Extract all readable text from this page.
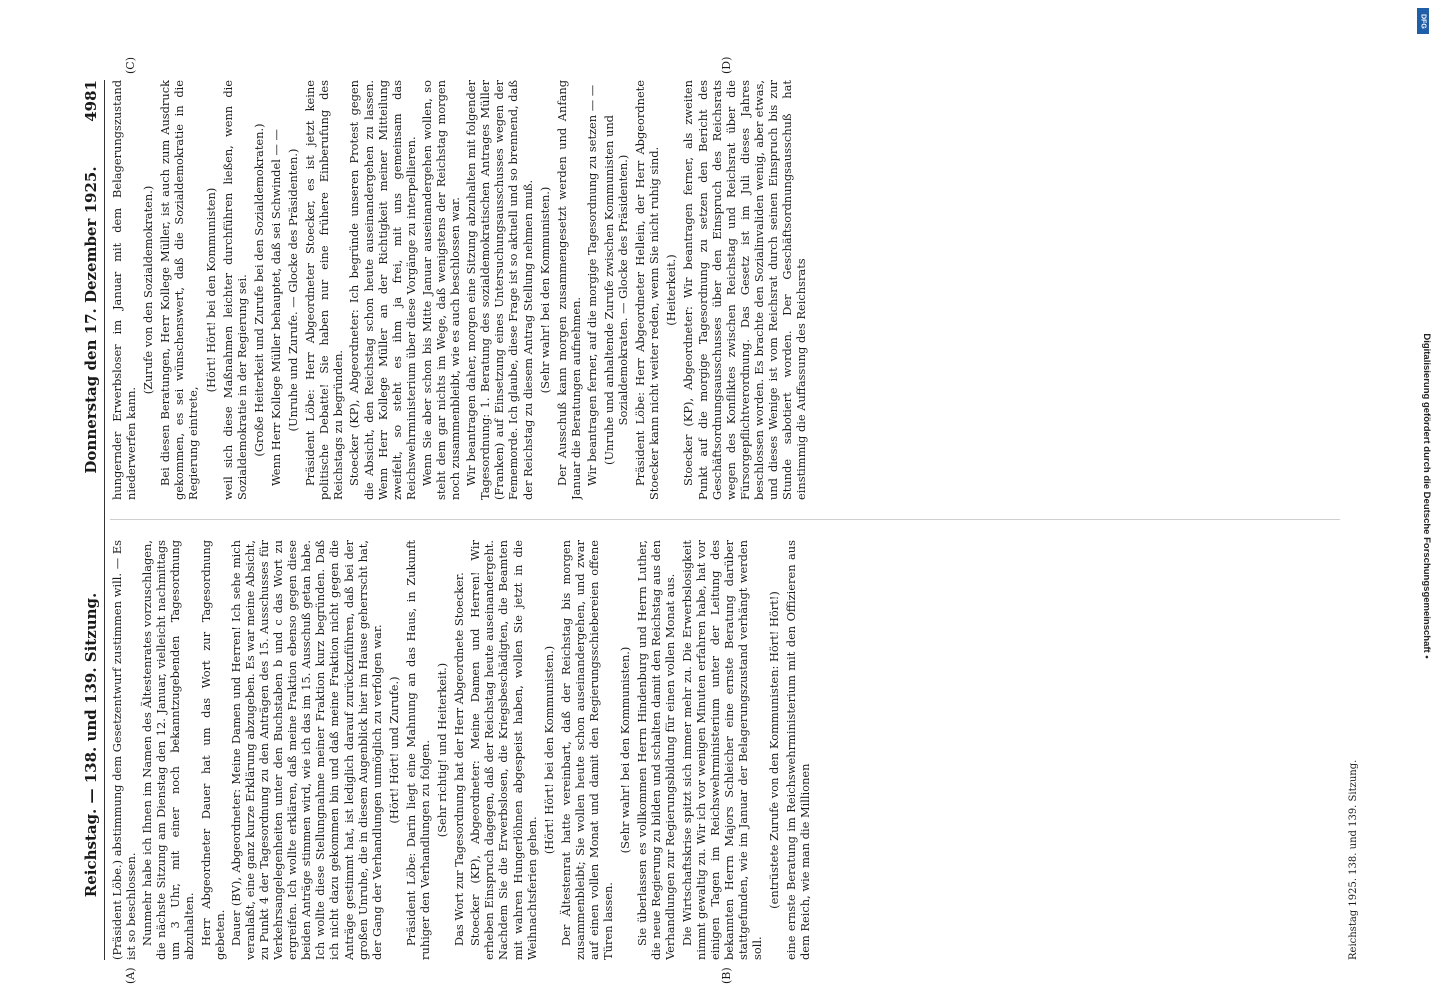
Reichstag. — 138. und 139. Sitzung.
Donnerstag den 17. Dezember 1925.
4981

(Präsident Löbe.) abstimmung dem Gesetzentwurf zustimmen will. — Es ist so beschlossen. Nunmehr habe ich Ihnen im Namen des Ältestenrates vorzuschlagen, die nächste Sitzung am Dienstag den 12. Januar, vielleicht nachmittags um 3 Uhr, mit einer noch bekanntzugebenden Tagesordnung abzuhalten. Herr Abgeordneter Dauer hat um das Wort zur Tagesordnung gebeten. Dauer (BV), Abgeordneter: Meine Damen und Herren! Ich sehe mich veranlaßt, eine ganz kurze Erklärung abzugeben. Es war meine Absicht, zu Punkt 4 der Tagesordnung zu den Anträgen des 15. Ausschusses für Verkehrsangelegenheiten unter den Buchstaben b und c das Wort zu ergreifen. Ich wollte erklären, daß meine Fraktion ebenso gegen diese beiden Anträge stimmen wird, wie ich das im 15. Ausschuß getan habe. Ich wollte diese Stellungnahme meiner Fraktion kurz begründen. Daß ich nicht dazu gekommen bin und daß meine Fraktion nicht gegen die Anträge gestimmt hat, ist lediglich darauf zurückzuführen, daß bei der großen Unruhe, die in diesem Augenblick hier im Hause geherrscht hat, der Gang der Verhandlungen unmöglich zu verfolgen war. (Hört! Hört! und Zurufe.) Präsident Löbe: Darin liegt eine Mahnung an das Haus, in Zukunft ruhiger den Verhandlungen zu folgen. (Sehr richtig! und Heiterkeit.) Das Wort zur Tagesordnung hat der Herr Abgeordnete Stoecker. Stoecker (KP), Abgeordneter: Meine Damen und Herren! Wir erheben Einspruch dagegen, daß der Reichstag heute auseinandergeht. Nachdem Sie die Erwerbslosen, die Kriegsbeschädigten, die Beamten mit wahren Hungerlöhnen abgespeist haben, wollen Sie jetzt in die Weihnachtsferien gehen.

(Hört! Hört! bei den Kommunisten.) Der Ältestenrat hatte vereinbart, daß der Reichstag bis morgen zusammenbleibt; Sie wollen heute schon auseinandergehen, und zwar auf einen vollen Monat und damit den Regierungsschiebereien offene Türen lassen.

(Sehr wahr! bei den Kommunisten.) Sie überlassen es vollkommen Herrn Hindenburg und Herrn Luther, die neue Regierung zu bilden und schalten damit den Reichstag aus den Verhandlungen zur Regierungsbildung für einen vollen Monat aus. Die Wirtschaftskrise spitzt sich immer mehr zu. Die Erwerbslosigkeit nimmt gewaltig zu. Wir ich vor wenigen Minuten erfahren habe, hat vor einigen Tagen im Reichswehrministerium unter der Leitung des bekannten Herrn Majors Schleicher eine ernste Beratung darüber stattgefunden, wie im Januar der Belagerungszustand verhängt werden soll.

(entrüstete Zurufe von den Kommunisten: Hört! Hört!) eine ernste Beratung im Reichswehrministerium mit den Offizieren aus dem Reich, wie man die Millionen

hungernder Erwerbsloser im Januar mit dem Belagerungszustand niederwerfen kann.

(Zurufe von den Sozialdemokraten.) Bei diesen Beratungen, Herr Kollege Müller, ist auch zum Ausdruck gekommen, es sei wünschenswert, daß die Sozialdemokratie in die Regierung eintrete,

(Hört! Hört! bei den Kommunisten) weil sich diese Maßnahmen leichter durchführen ließen, wenn die Sozialdemokratie in der Regierung sei. (Große Heiterkeit und Zurufe bei den Sozialdemokraten.) Wenn Herr Kollege Müller behauptet, daß sei Schwindel — — (Unruhe und Zurufe. — Glocke des Präsidenten.) Präsident Löbe: Herr Abgeordneter Stoecker, es ist jetzt keine politische Debatte! Sie haben nur eine frühere Einberufung des Reichstags zu begründen. Stoecker (KP), Abgeordneter: Ich begründe unseren Protest gegen die Absicht, den Reichstag schon heute auseinandergehen zu lassen. Wenn Herr Kollege Müller an der Richtigkeit meiner Mitteilung zweifelt, so steht es ihm ja frei, mit uns gemeinsam das Reichswehrministerium über diese Vorgänge zu interpellieren. Wenn Sie aber schon bis Mitte Januar auseinandergehen wollen, so steht dem gar nichts im Wege, daß wenigstens der Reichstag morgen noch zusammenbleibt, wie es auch beschlossen war. Wir beantragen daher, morgen eine Sitzung abzuhalten mit folgender Tagesordnung: 1. Beratung des sozialdemokratischen Antrages Müller (Franken) auf Einsetzung eines Untersuchungsausschusses wegen der Fememorde. Ich glaube, diese Frage ist so aktuell und so brennend, daß der Reichstag zu diesem Antrag Stellung nehmen muß. (Sehr wahr! bei den Kommunisten.) Der Ausschuß kann morgen zusammengesetzt werden und Anfang Januar die Beratungen aufnehmen. Wir beantragen ferner, auf die morgige Tagesordnung zu setzen — — (Unruhe und anhaltende Zurufe zwischen Kommunisten und Sozialdemokraten. — Glocke des Präsidenten.) Präsident Löbe: Herr Abgeordneter Hellein, der Herr Abgeordnete Stoecker kann nicht weiter reden, wenn Sie nicht ruhig sind. (Heiterkeit.) Stoecker (KP), Abgeordneter: Wir beantragen ferner, als zweiten Punkt auf die morgige Tagesordnung zu setzen den Bericht des Geschäftsordnungsausschusses über den Einspruch des Reichsrats wegen des Konfliktes zwischen Reichstag und Reichsrat über die Fürsorgepflichtverordnung. Das Gesetz ist im Juli dieses Jahres beschlossen worden. Es brachte den Sozialinvaliden wenig, aber etwas, und dieses Wenige ist vom Reichsrat durch seinen Einspruch bis zur Stunde sabotiert worden. Der Geschäftsordnungsausschuß hat einstimmig die Auffassung des Reichsrats

(A)	(B)
(C)	(D)
Reichstag 1925. 138. und 139. Sitzung.
Digitalisierung gefördert durch die Deutsche Forschungsgemeinschaft •
DFG
